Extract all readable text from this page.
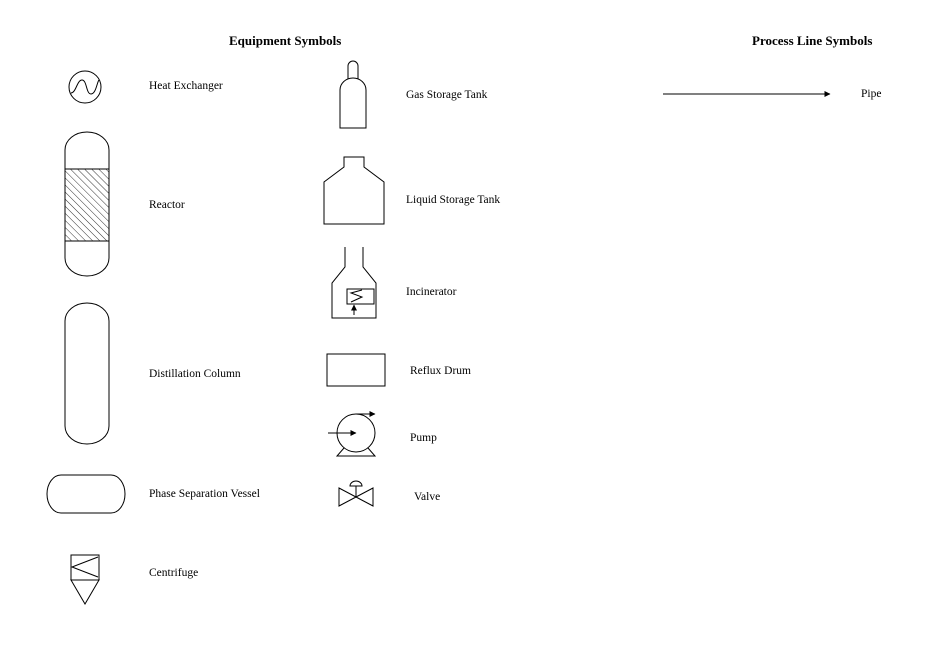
Equipment Symbols	Process Line Symbols
Heat Exchanger
Reactor
Distillation Column
Phase Separation Vessel
Centrifuge
Gas Storage Tank
Liquid Storage Tank
Incinerator
Reflux Drum
Pump
Valve
Pipe
